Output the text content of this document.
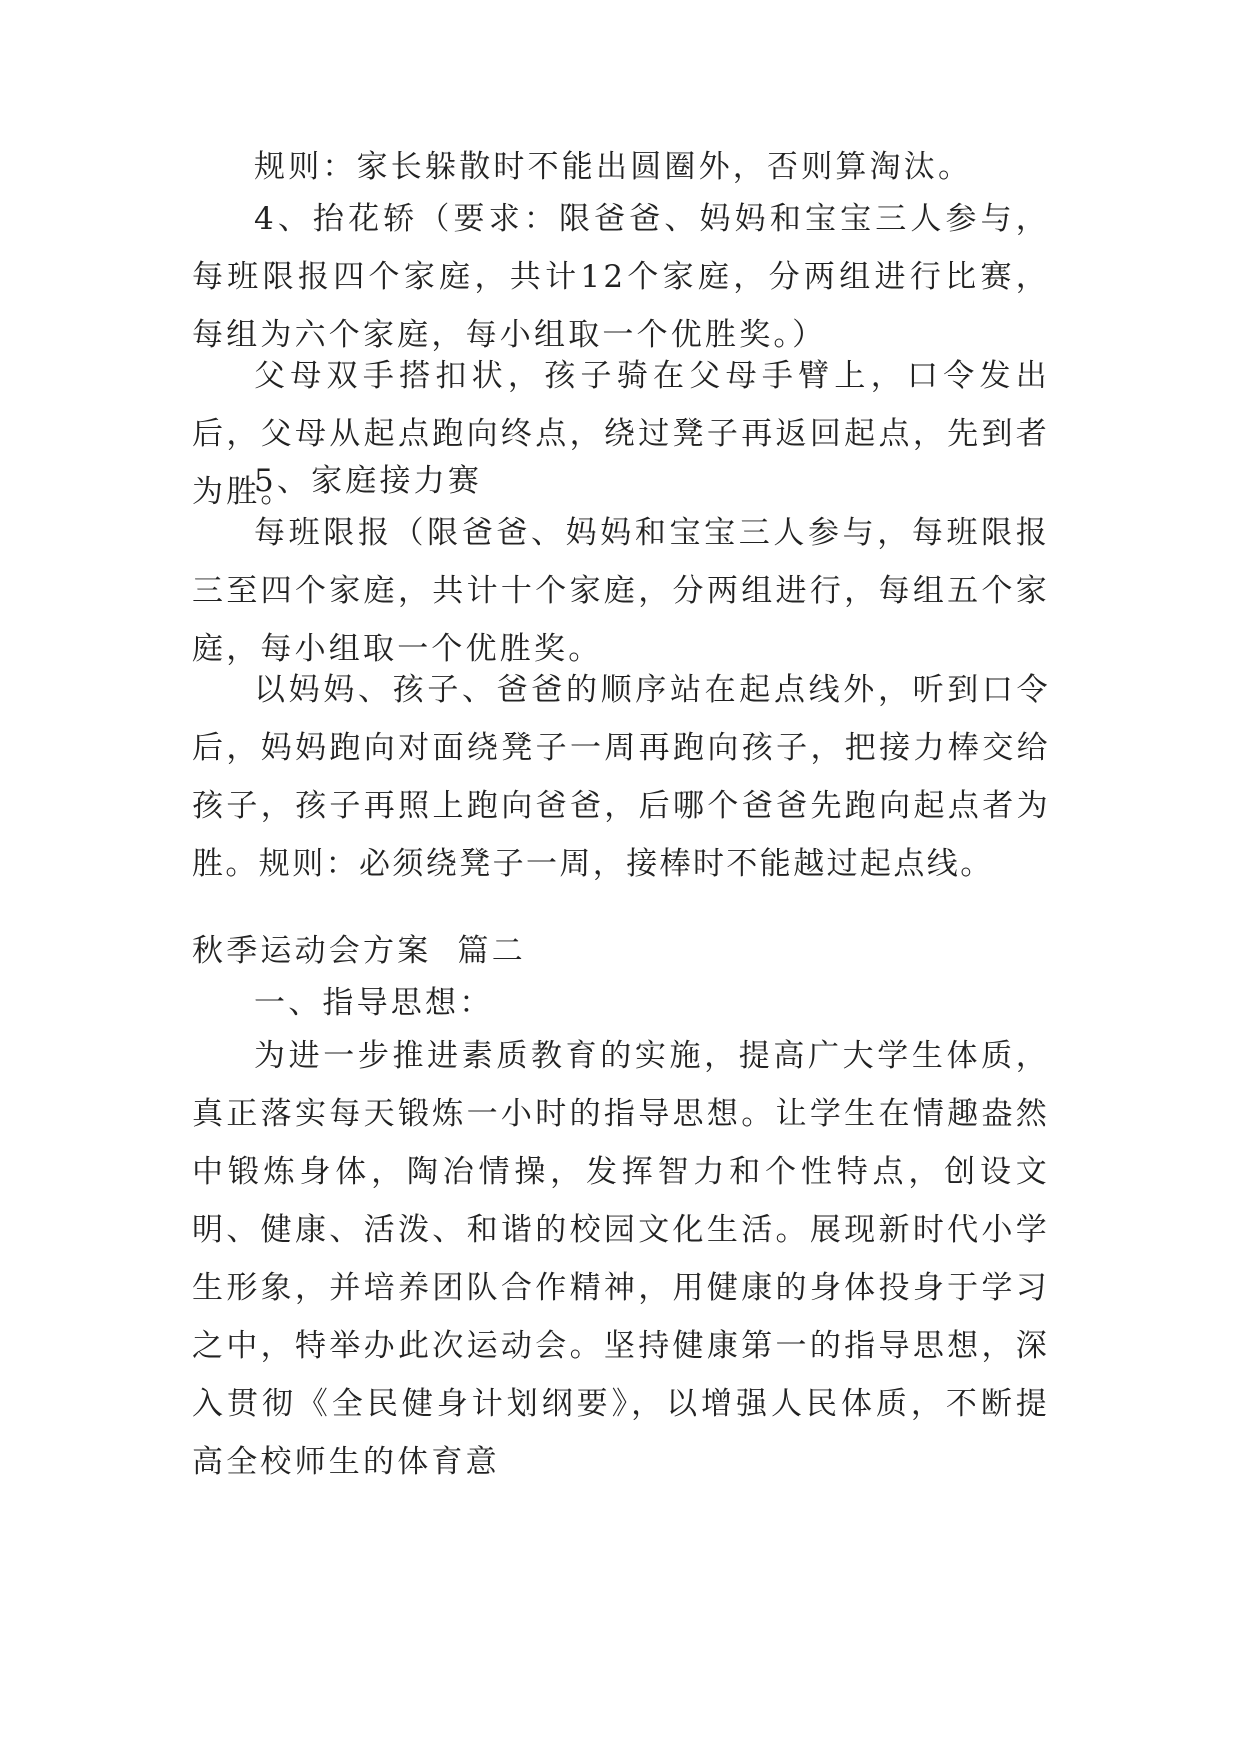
规则：家长躲散时不能出圆圈外，否则算淘汰。

4、抬花轿（要求：限爸爸、妈妈和宝宝三人参与，每班限报四个家庭，共计12个家庭，分两组进行比赛，每组为六个家庭，每小组取一个优胜奖。）

父母双手搭扣状，孩子骑在父母手臂上，口令发出后，父母从起点跑向终点，绕过凳子再返回起点，先到者为胜。

5、家庭接力赛

每班限报（限爸爸、妈妈和宝宝三人参与，每班限报三至四个家庭，共计十个家庭，分两组进行，每组五个家庭，每小组取一个优胜奖。

以妈妈、孩子、爸爸的顺序站在起点线外，听到口令后，妈妈跑向对面绕凳子一周再跑向孩子，把接力棒交给孩子，孩子再照上跑向爸爸，后哪个爸爸先跑向起点者为胜。规则：必须绕凳子一周，接棒时不能越过起点线。

秋季运动会方案  篇二

一、指导思想：

为进一步推进素质教育的实施，提高广大学生体质，真正落实每天锻炼一小时的指导思想。让学生在情趣盎然中锻炼身体，陶冶情操，发挥智力和个性特点，创设文明、健康、活泼、和谐的校园文化生活。展现新时代小学生形象，并培养团队合作精神，用健康的身体投身于学习之中，特举办此次运动会。坚持健康第一的指导思想，深入贯彻《全民健身计划纲要》，以增强人民体质，不断提高全校师生的体育意
